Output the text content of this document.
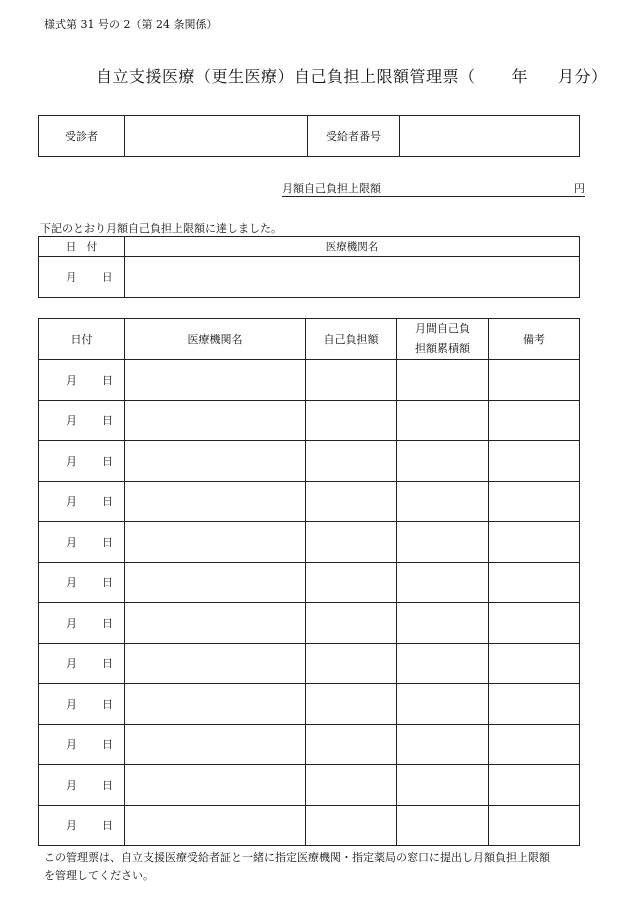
様式第 31 号の 2（第 24 条関係）
自立支援医療（更生医療）自己負担上限額管理票（ 年 月分）
受診者		受給者番号	
月額自己負担上限額	円
下記のとおり月額自己負担上限額に達しました。
日　付	医療機関名

月 日	

日付	医療機関名	自己負担額	月間自己負
担額累積額	備考

月 日				

月 日				

月 日				

月 日				

月 日				

月 日				

月 日				

月 日				

月 日				

月 日				

月 日				

月 日				

この管理票は、自立支援医療受給者証と一緒に指定医療機関・指定薬局の窓口に提出し月額負担上限額
を管理してください。
